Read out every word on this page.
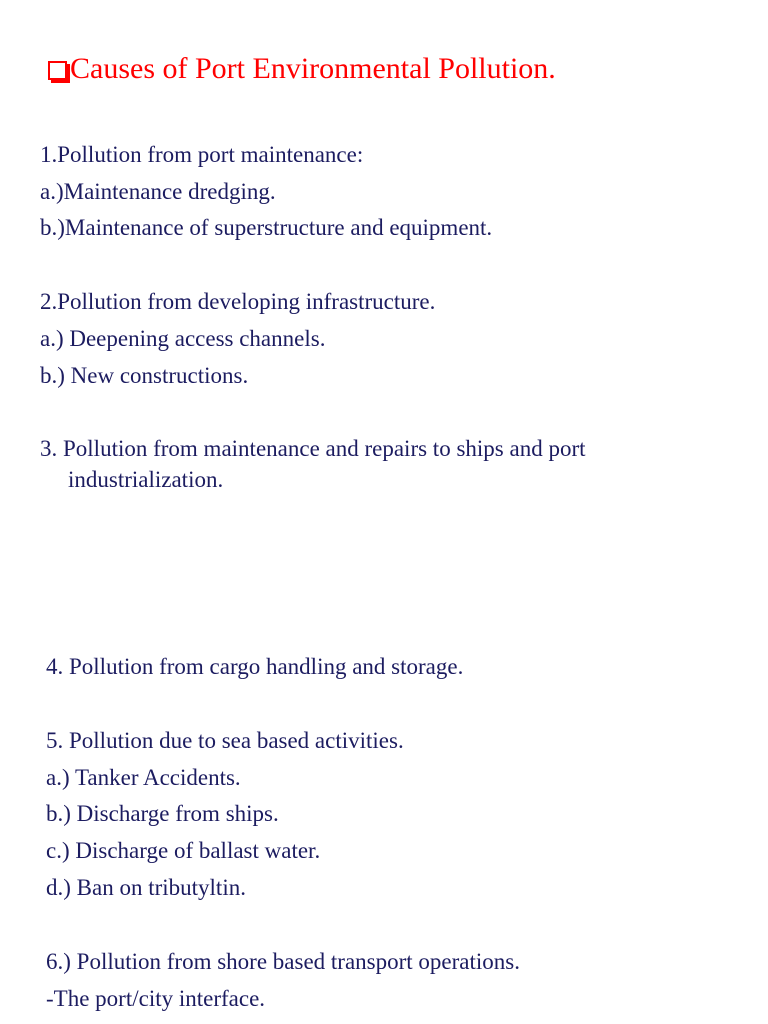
Causes of Port Environmental Pollution.
1.Pollution from port maintenance:
a.)Maintenance dredging.
b.)Maintenance of superstructure and equipment.
2.Pollution from developing infrastructure.
a.) Deepening access channels.
b.) New constructions.
3. Pollution from maintenance and repairs to ships and port
industrialization.
4. Pollution from cargo handling and storage.
5. Pollution due to sea based activities.
a.) Tanker Accidents.
b.) Discharge from ships.
c.) Discharge of ballast water.
d.) Ban on tributyltin.
6.) Pollution from shore based transport operations.
-The port/city interface.
